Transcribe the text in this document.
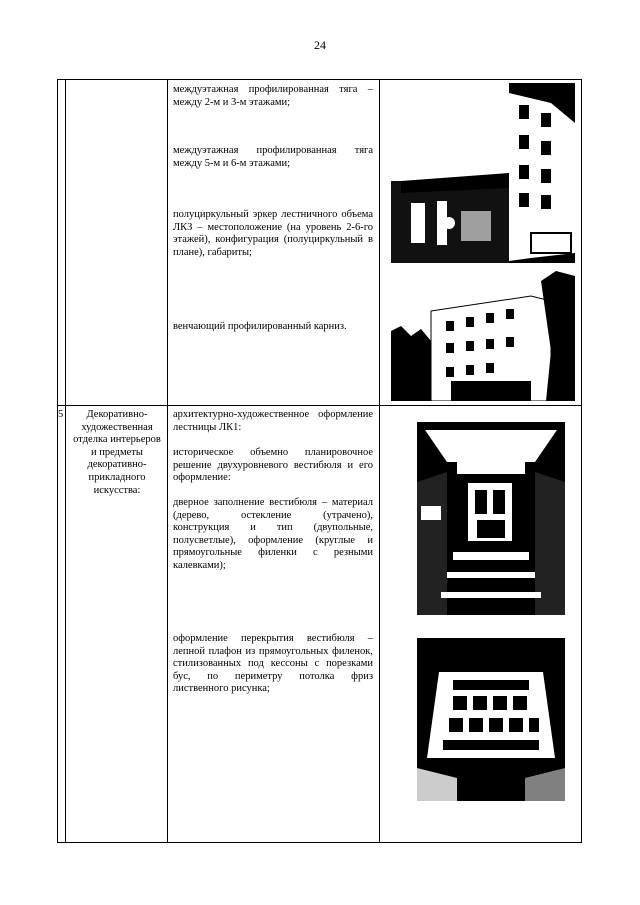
24
междуэтажная профилированная тяга – между 2-м и 3-м этажами;
междуэтажная профилированная тяга между 5-м и 6-м этажами;
полуциркульный эркер лестничного объема ЛКЗ – местоположение (на уровень 2-6-го этажей), конфигурация (полуциркульный в плане), габариты;
венчающий профилированный карниз.
5	Декоративно-художественная отделка интерьеров и предметы декоративно-прикладного искусства:
архитектурно-художественное оформление лестницы ЛК1:
историческое объемно планировочное решение двухуровневого вестибюля и его оформление:
дверное заполнение вестибюля – материал (дерево, остекление (утрачено), конструкция и тип (двупольные, полусветлые), оформление (круглые и прямоугольные филенки с резными калевками);
оформление перекрытия вестибюля – лепной плафон из прямоугольных филенок, стилизованных под кессоны с порезками бус, по периметру потолка фриз лиственного рисунка;
